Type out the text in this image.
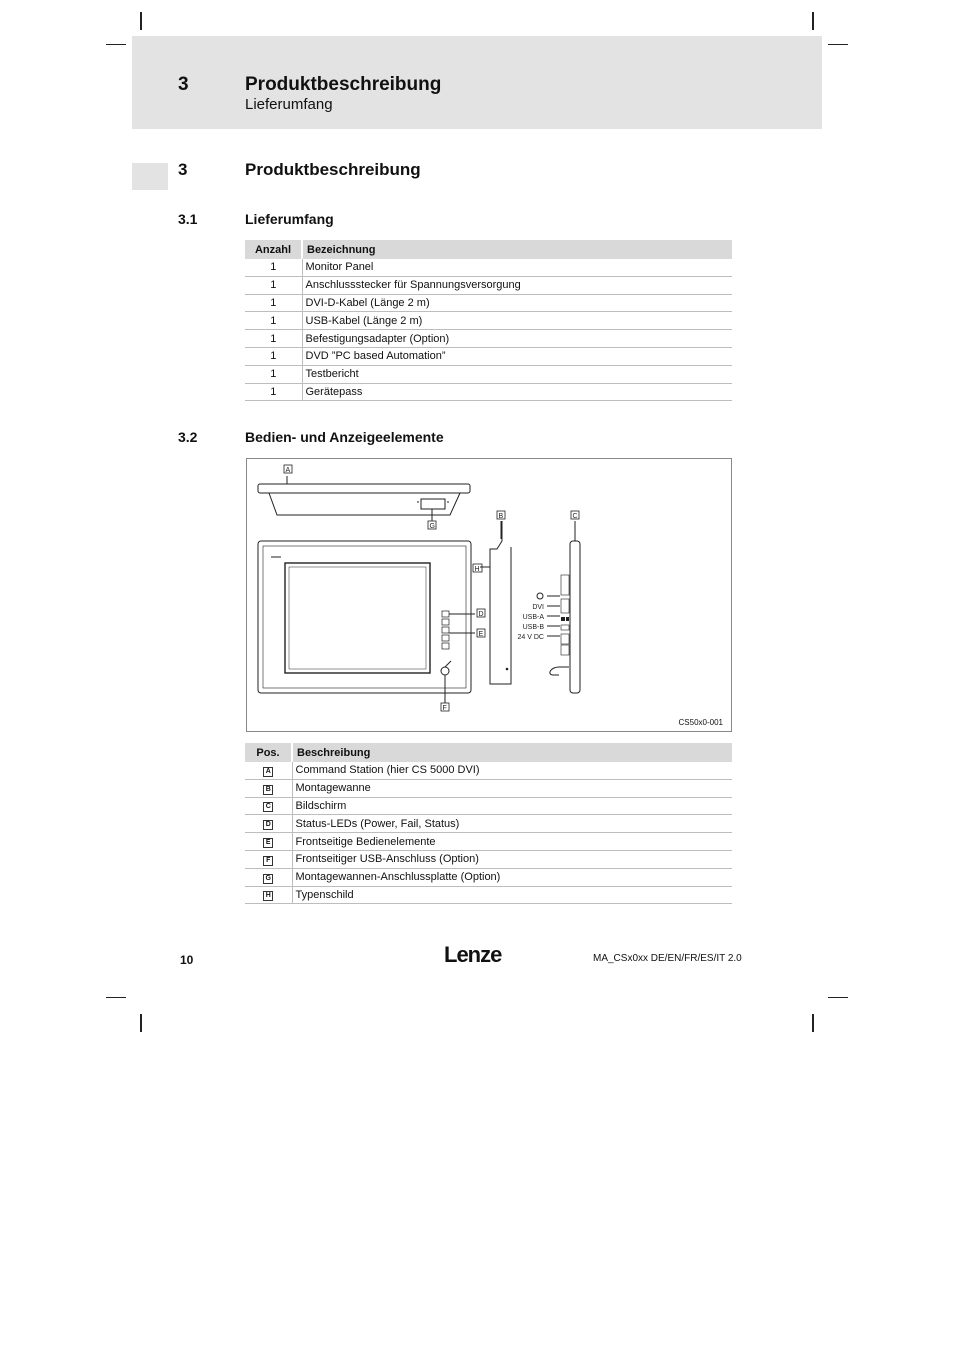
3	Produktbeschreibung
Lieferumfang
3	Produktbeschreibung
3.1	Lieferumfang
Anzahl	Bezeichnung
1	Monitor Panel
1	Anschlussstecker für Spannungsversorgung
1	DVI-D-Kabel (Länge 2 m)
1	USB-Kabel (Länge 2 m)
1	Befestigungsadapter (Option)
1	DVD ”PC based Automation”
1	Testbericht
1	Gerätepass
3.2	Bedien- und Anzeigeelemente
A
G
D
E
F
B
H
DVI
USB-A
USB-B
24 V DC
C
CS50x0-001
Pos.	Beschreibung
A	Command Station (hier CS 5000 DVI)
B	Montagewanne
C	Bildschirm
D	Status-LEDs (Power, Fail, Status)
E	Frontseitige Bedienelemente
F	Frontseitiger USB-Anschluss (Option)
G	Montagewannen-Anschlussplatte (Option)
H	Typenschild
10	Lenze	MA_CSx0xx DE/EN/FR/ES/IT 2.0
